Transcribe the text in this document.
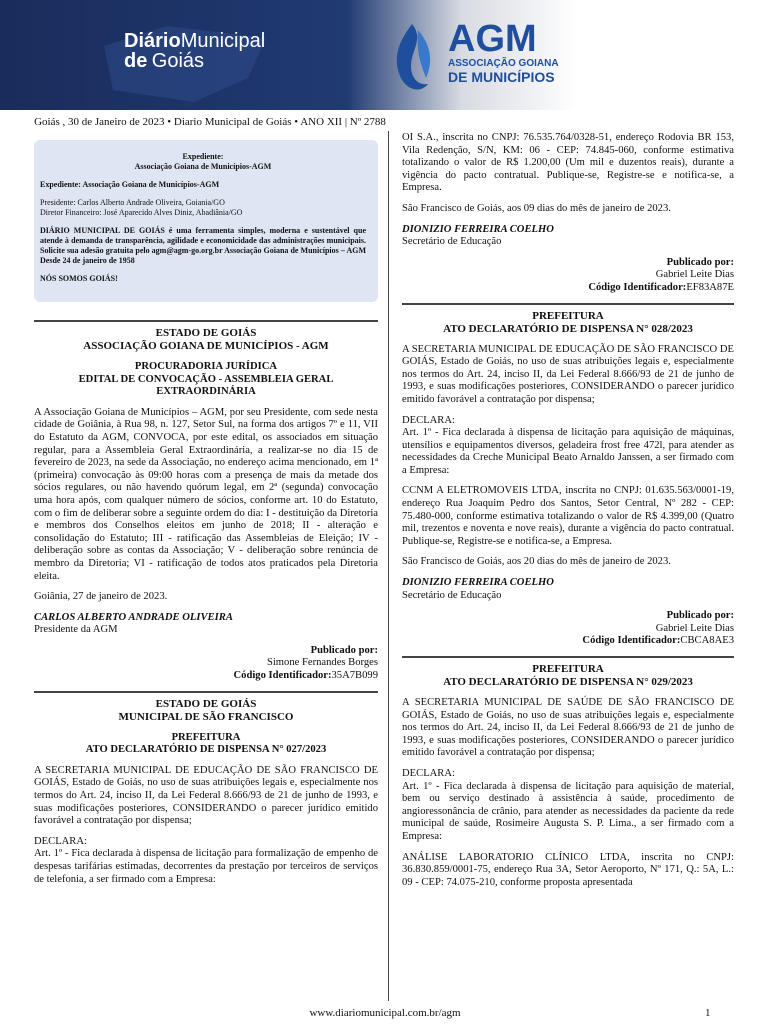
DiárioMunicipal
de Goiás
AGM
ASSOCIAÇÃO GOIANA
DE MUNICÍPIOS
Goiás , 30 de Janeiro de 2023 • Diario Municipal de Goiás • ANO XII | Nº 2788
Expediente:
Associação Goiana de Municípios-AGM

Expediente: Associação Goiana de Municípios-AGM

Presidente: Carlos Alberto Andrade Oliveira, Goiania/GO

Diretor Financeiro: José Aparecido Alves Diniz, Abadiânia/GO

DIÁRIO MUNICIPAL DE GOIÁS é uma ferramenta simples, moderna e sustentável que atende à demanda de transparência, agilidade e economicidade das administrações municipais. Solicite sua adesão gratuita pelo agm@agm-go.org.br Associação Goiana de Municípios – AGM Desde 24 de janeiro de 1958

NÓS SOMOS GOIÁS!

ESTADO DE GOIÁS
ASSOCIAÇÃO GOIANA DE MUNICÍPIOS - AGM
PROCURADORIA JURÍDICA
EDITAL DE CONVOCAÇÃO - ASSEMBLEIA GERAL EXTRAORDINÁRIA

A Associação Goiana de Municípios – AGM, por seu Presidente, com sede nesta cidade de Goiânia, à Rua 98, n. 127, Setor Sul, na forma dos artigos 7º e 11, VII do Estatuto da AGM, CONVOCA, por este edital, os associados em situação regular, para a Assembleia Geral Extraordinária, a realizar-se no dia 15 de fevereiro de 2023, na sede da Associação, no endereço acima mencionado, em 1ª (primeira) convocação às 09:00 horas com a presença de mais da metade dos sócios regulares, ou não havendo quórum legal, em 2ª (segunda) convocação uma hora após, com qualquer número de sócios, conforme art. 10 do Estatuto, com o fim de deliberar sobre a seguinte ordem do dia: I - destituição da Diretoria e membros dos Conselhos eleitos em junho de 2018; II - alteração e consolidação do Estatuto; III - ratificação das Assembleias de Eleição; IV - deliberação sobre as contas da Associação; V - deliberação sobre renúncia de membro da Diretoria; VI - ratificação de todos atos praticados pela Diretoria eleita.

Goiânia, 27 de janeiro de 2023.

CARLOS ALBERTO ANDRADE OLIVEIRA

Presidente da AGM

Publicado por:
Simone Fernandes Borges

Código Identificador:35A7B099

ESTADO DE GOIÁS
MUNICIPAL DE SÃO FRANCISCO
PREFEITURA
ATO DECLARATÓRIO DE DISPENSA N° 027/2023

A SECRETARIA MUNICIPAL DE EDUCAÇÃO DE SÃO FRANCISCO DE GOIÁS, Estado de Goiás, no uso de suas atribuições legais e, especialmente nos termos do Art. 24, inciso II, da Lei Federal 8.666/93 de 21 de junho de 1993, e suas modificações posteriores, CONSIDERANDO o parecer jurídico emitido favorável a contratação por dispensa;

DECLARA:
Art. 1º - Fica declarada à dispensa de licitação para formalização de empenho de despesas tarifárias estimadas, decorrentes da prestação por terceiros de serviços de telefonia, a ser firmado com a Empresa:

OI S.A., inscrita no CNPJ: 76.535.764/0328-51, endereço Rodovia BR 153, Vila Redenção, S/N, KM: 06 - CEP: 74.845-060, conforme estimativa totalizando o valor de R$ 1.200,00 (Um mil e duzentos reais), durante a vigência do pacto contratual. Publique-se, Registre-se e notifica-se, a Empresa.

São Francisco de Goiás, aos 09 dias do mês de janeiro de 2023.

DIONIZIO FERREIRA COELHO

Secretário de Educação

Publicado por:
Gabriel Leite Dias

Código Identificador:EF83A87E

PREFEITURA
ATO DECLARATÓRIO DE DISPENSA N° 028/2023

A SECRETARIA MUNICIPAL DE EDUCAÇÃO DE SÃO FRANCISCO DE GOIÁS, Estado de Goiás, no uso de suas atribuições legais e, especialmente nos termos do Art. 24, inciso II, da Lei Federal 8.666/93 de 21 de junho de 1993, e suas modificações posteriores, CONSIDERANDO o parecer jurídico emitido favorável a contratação por dispensa;

DECLARA:

Art. 1º - Fica declarada à dispensa de licitação para aquisição de máquinas, utensílios e equipamentos diversos, geladeira frost free 472l, para atender as necessidades da Creche Municipal Beato Arnaldo Janssen, a ser firmado com a Empresa:

CCNM A ELETROMOVEIS LTDA, inscrita no CNPJ: 01.635.563/0001-19, endereço Rua Joaquim Pedro dos Santos, Setor Central, Nº 282 - CEP: 75.480-000, conforme estimativa totalizando o valor de R$ 4.399,00 (Quatro mil, trezentos e noventa e nove reais), durante a vigência do pacto contratual. Publique-se, Registre-se e notifica-se, a Empresa.

São Francisco de Goiás, aos 20 dias do mês de janeiro de 2023.

DIONIZIO FERREIRA COELHO

Secretário de Educação

Publicado por:
Gabriel Leite Dias

Código Identificador:CBCA8AE3

PREFEITURA
ATO DECLARATÓRIO DE DISPENSA N° 029/2023

A SECRETARIA MUNICIPAL DE SAÚDE DE SÃO FRANCISCO DE GOIÁS, Estado de Goiás, no uso de suas atribuições legais e, especialmente nos termos do Art. 24, inciso II, da Lei Federal 8.666/93 de 21 de junho de 1993, e suas modificações posteriores, CONSIDERANDO o parecer jurídico emitido favorável a contratação por dispensa;

DECLARA:

Art. 1º - Fica declarada à dispensa de licitação para aquisição de material, bem ou serviço destinado à assistência à saúde, procedimento de angioressonância de crânio, para atender as necessidades da paciente da rede municipal de saúde, Rosimeire Augusta S. P. Lima., a ser firmado com a Empresa:

ANÁLISE LABORATORIO CLÍNICO LTDA, inscrita no CNPJ: 36.830.859/0001-75, endereço Rua 3A, Setor Aeroporto, Nº 171, Q.: 5A, L.: 09 - CEP: 74.075-210, conforme proposta apresentada
www.diariomunicipal.com.br/agm	1
